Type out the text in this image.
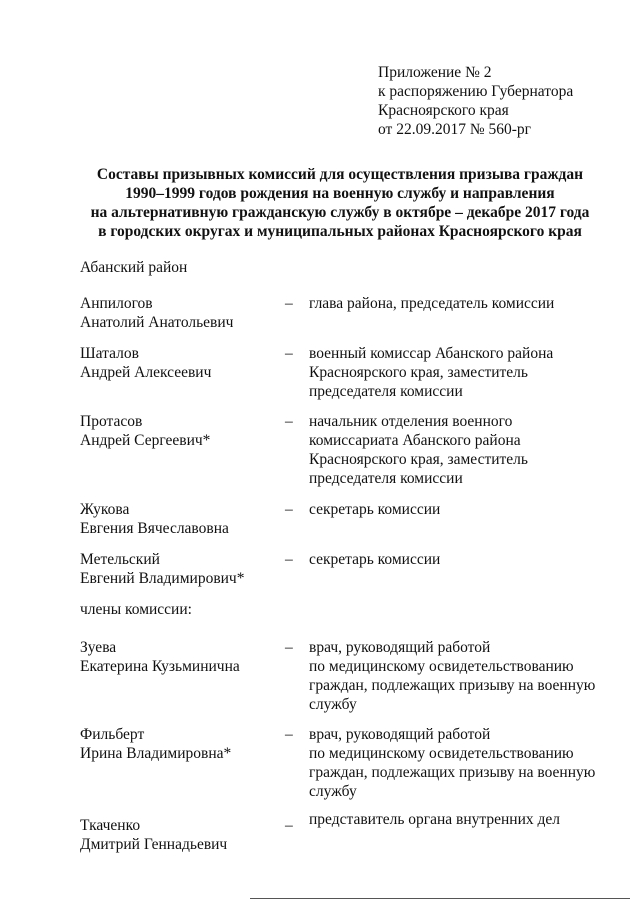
Приложение № 2
к распоряжению Губернатора
Красноярского края
от 22.09.2017 № 560-рг
Составы призывных комиссий для осуществления призыва граждан
1990–1999 годов рождения на военную службу и направления
на альтернативную гражданскую службу в октябре – декабре 2017 года
в городских округах и муниципальных районах Красноярского края
Абанский район
Анпилогов
Анатолий Анатольевич
– глава района, председатель комиссии
Шаталов
Андрей Алексеевич
– военный комиссар Абанского района
Красноярского края, заместитель
председателя комиссии
Протасов
Андрей Сергеевич*
– начальник отделения военного
комиссариата Абанского района
Красноярского края, заместитель
председателя комиссии
Жукова
Евгения Вячеславовна
– секретарь комиссии
Метельский
Евгений Владимирович*
– секретарь комиссии
члены комиссии:
Зуева
Екатерина Кузьминична
– врач, руководящий работой
по медицинскому освидетельствованию
граждан, подлежащих призыву на военную
службу
Фильберт
Ирина Владимировна*
– врач, руководящий работой
по медицинскому освидетельствованию
граждан, подлежащих призыву на военную
службу
Ткаченко
Дмитрий Геннадьевич
– представитель органа внутренних дел
